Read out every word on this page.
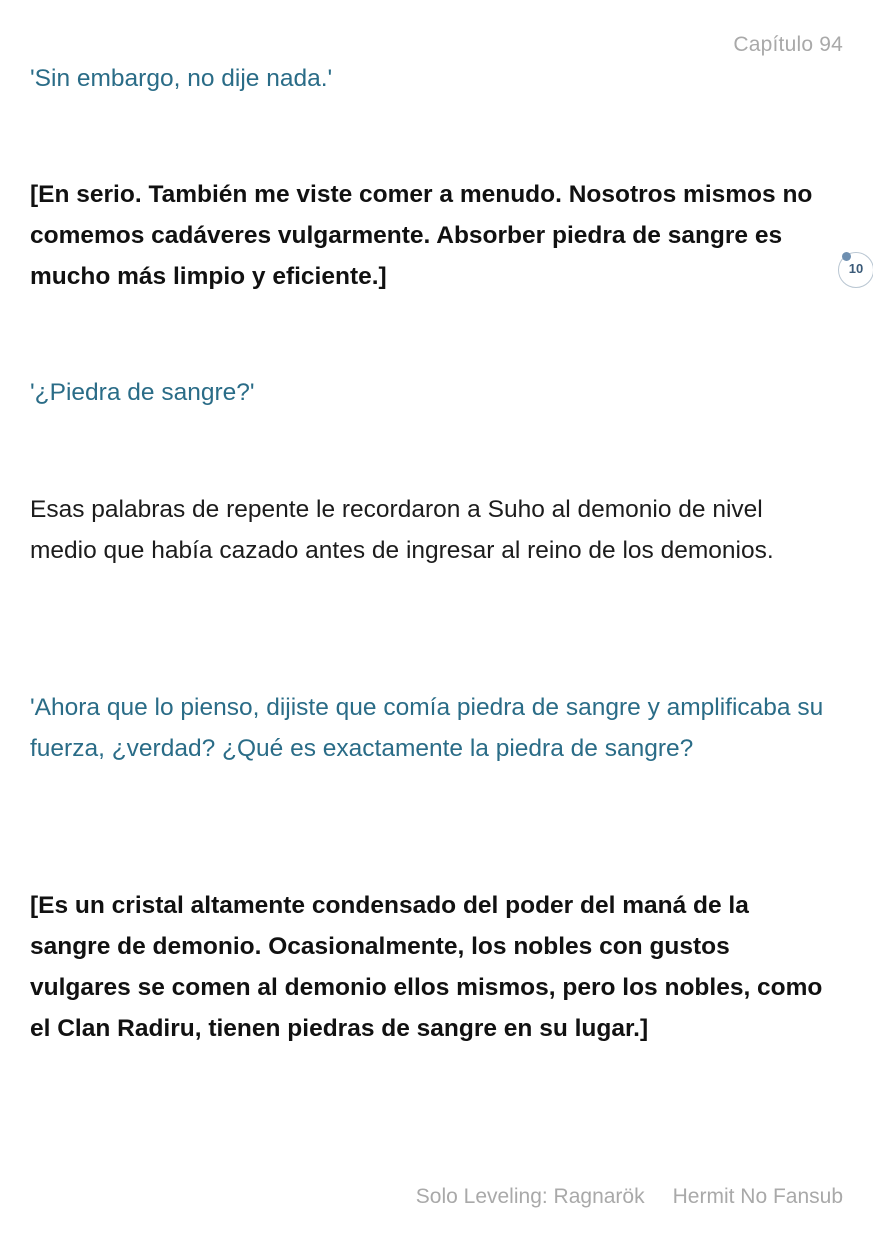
Capítulo 94

'Sin embargo, no dije nada.'

[En serio. También me viste comer a menudo. Nosotros mismos no comemos cadáveres vulgarmente. Absorber piedra de sangre es mucho más limpio y eficiente.]

'¿Piedra de sangre?'

Esas palabras de repente le recordaron a Suho al demonio de nivel medio que había cazado antes de ingresar al reino de los demonios.

'Ahora que lo pienso, dijiste que comía piedra de sangre y amplificaba su fuerza, ¿verdad? ¿Qué es exactamente la piedra de sangre?

[Es un cristal altamente condensado del poder del maná de la sangre de demonio. Ocasionalmente, los nobles con gustos vulgares se comen al demonio ellos mismos, pero los nobles, como el Clan Radiru, tienen piedras de sangre en su lugar.]

10
Solo Leveling: Ragnarök Hermit No Fansub
